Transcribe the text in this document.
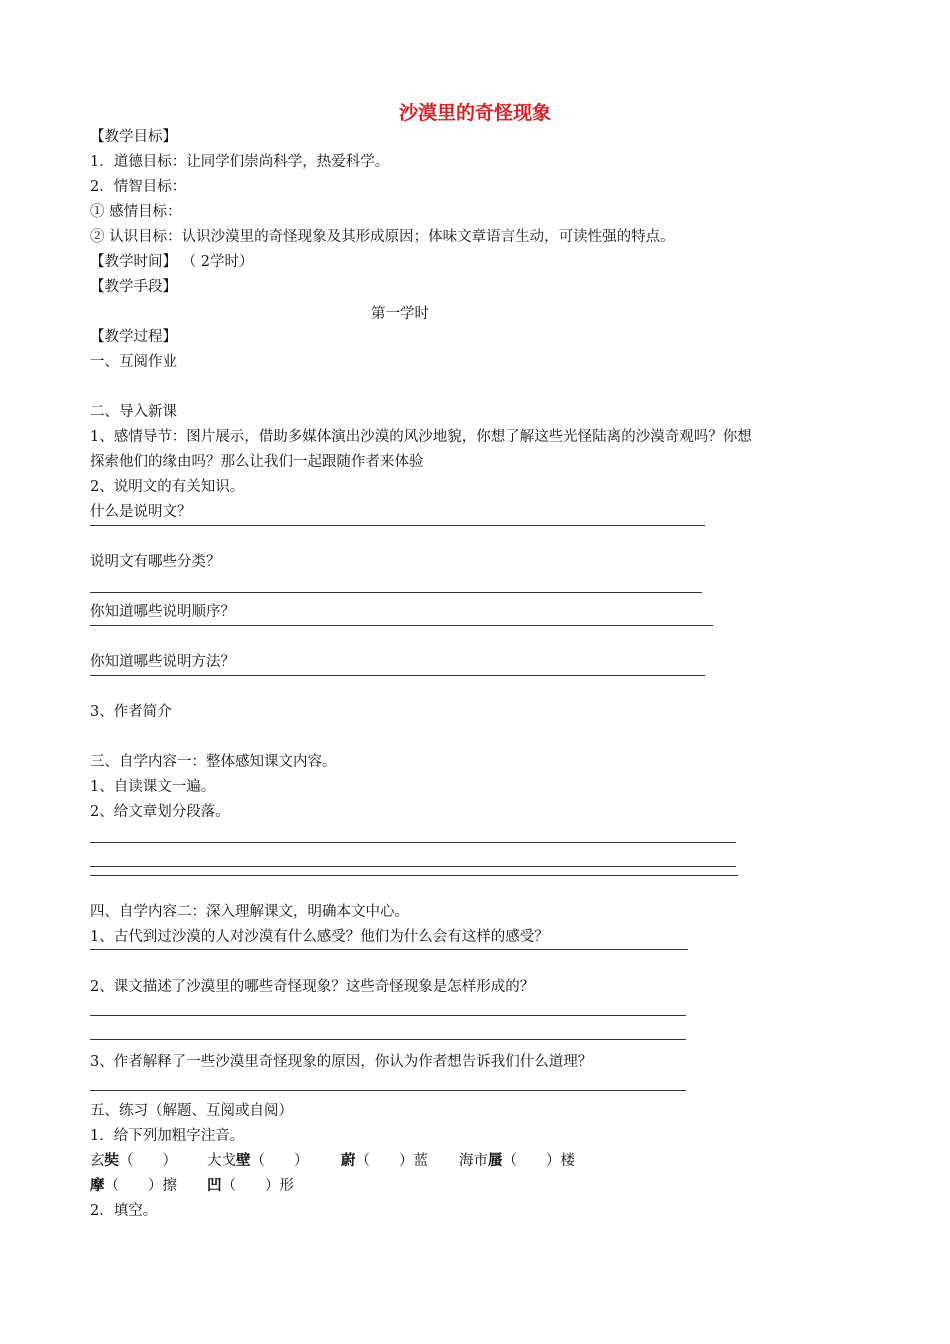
沙漠里的奇怪现象
【教学目标】
1．道德目标：让同学们崇尚科学，热爱科学。
2．情智目标：
① 感情目标：
② 认识目标：认识沙漠里的奇怪现象及其形成原因；体味文章语言生动，可读性强的特点。
【教学时间】 （ 2学时）
【教学手段】
第一学时
【教学过程】
一、互阅作业
二、导入新课
1、感情导节：图片展示，借助多媒体演出沙漠的风沙地貌，你想了解这些光怪陆离的沙漠奇观吗？你想
探索他们的缘由吗？那么让我们一起跟随作者来体验
2、说明文的有关知识。
什么是说明文？
说明文有哪些分类？
你知道哪些说明顺序？
你知道哪些说明方法？
3、作者简介
三、自学内容一：整体感知课文内容。
1、自读课文一遍。
2、给文章划分段落。
四、自学内容二：深入理解课文，明确本文中心。
1、古代到过沙漠的人对沙漠有什么感受？他们为什么会有这样的感受？
2、课文描述了沙漠里的哪些奇怪现象？这些奇怪现象是怎样形成的？
3、作者解释了一些沙漠里奇怪现象的原因，你认为作者想告诉我们什么道理？
五、练习（解题、互阅或自阅）
1．给下列加粗字注音。
玄奘（　　） 大戈壁（　　） 蔚（　　）蓝 海市蜃（　　）楼
摩（　　）擦 凹（　　）形
2．填空。
